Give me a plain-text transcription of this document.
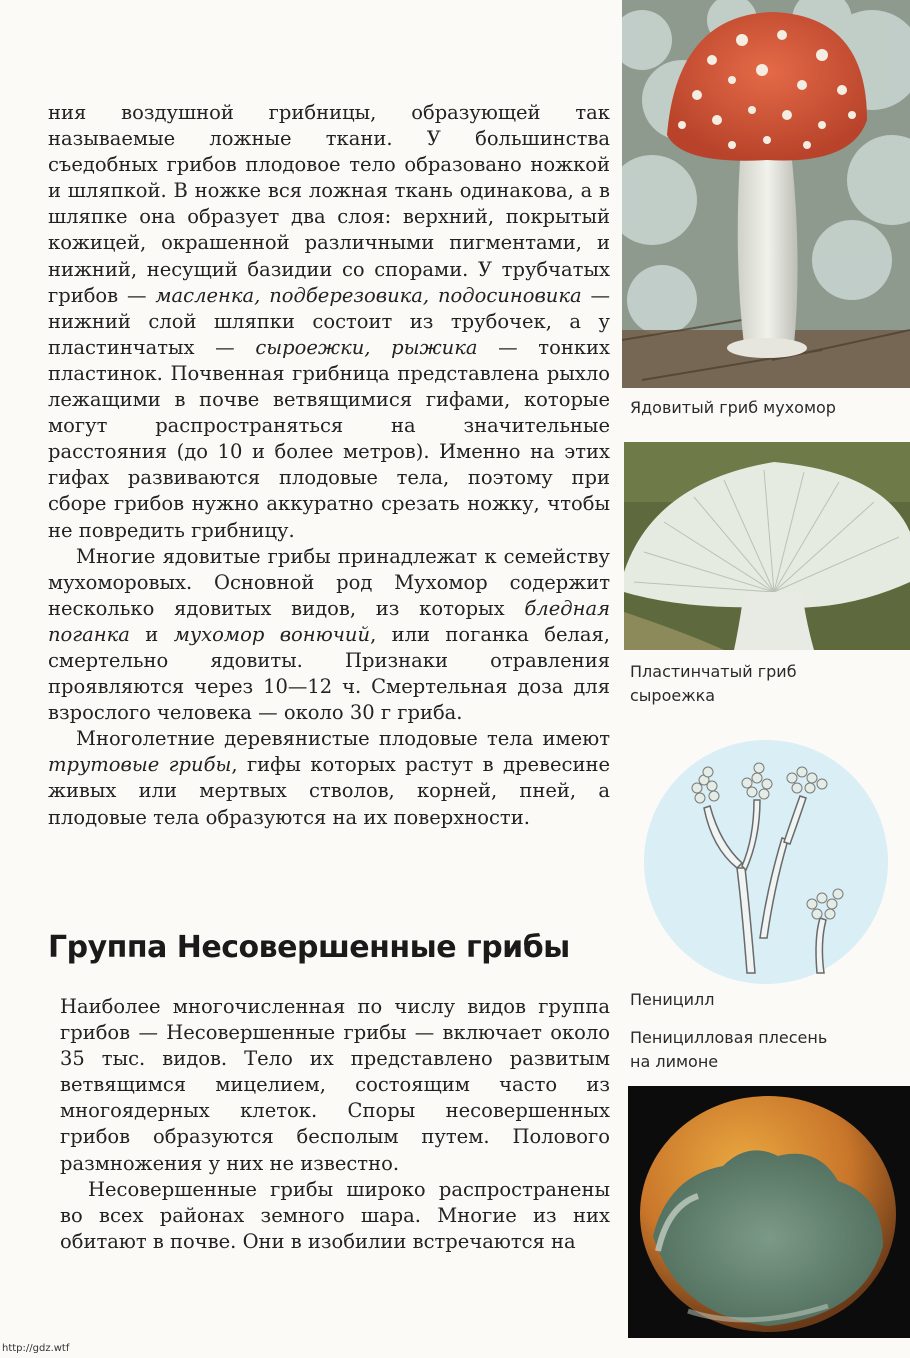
ния воздушной грибницы, образующей так называемые ложные ткани. У большинства съедобных грибов плодовое тело образовано ножкой и шляпкой. В ножке вся ложная ткань одинакова, а в шляпке она образует два слоя: верхний, покрытый кожицей, окрашенной различными пигментами, и нижний, несущий базидии со спорами. У трубчатых грибов — масленка, подберезовика, подосиновика — нижний слой шляпки состоит из трубочек, а у пластинчатых — сыроежки, рыжика — тонких пластинок. Почвенная грибница представлена рыхло лежащими в почве ветвящимися гифами, которые могут распространяться на значительные расстояния (до 10 и более метров). Именно на этих гифах развиваются плодовые тела, поэтому при сборе грибов нужно аккуратно срезать ножку, чтобы не повредить грибницу.

Многие ядовитые грибы принадлежат к семейству мухоморовых. Основной род Мухомор содержит несколько ядовитых видов, из которых бледная поганка и мухомор вонючий, или поганка белая, смертельно ядовиты. Признаки отравления проявляются через 10—12 ч. Смертельная доза для взрослого человека — около 30 г гриба.

Многолетние деревянистые плодовые тела имеют трутовые грибы, гифы которых растут в древесине живых или мертвых стволов, корней, пней, а плодовые тела образуются на их поверхности.

Группа Несовершенные грибы

Наиболее многочисленная по числу видов группа грибов — Несовершенные грибы — включает около 35 тыс. видов. Тело их представлено развитым ветвящимся мицелием, состоящим часто из многоядерных клеток. Споры несовершенных грибов образуются бесполым путем. Полового размножения у них не известно.

Несовершенные грибы широко распространены во всех районах земного шара. Многие из них обитают в почве. Они в изобилии встречаются на

Ядовитый гриб мухомор
Пластинчатый гриб
сыроежка
Пеницилл
Пеницилловая плесень
на лимоне
http://gdz.wtf
